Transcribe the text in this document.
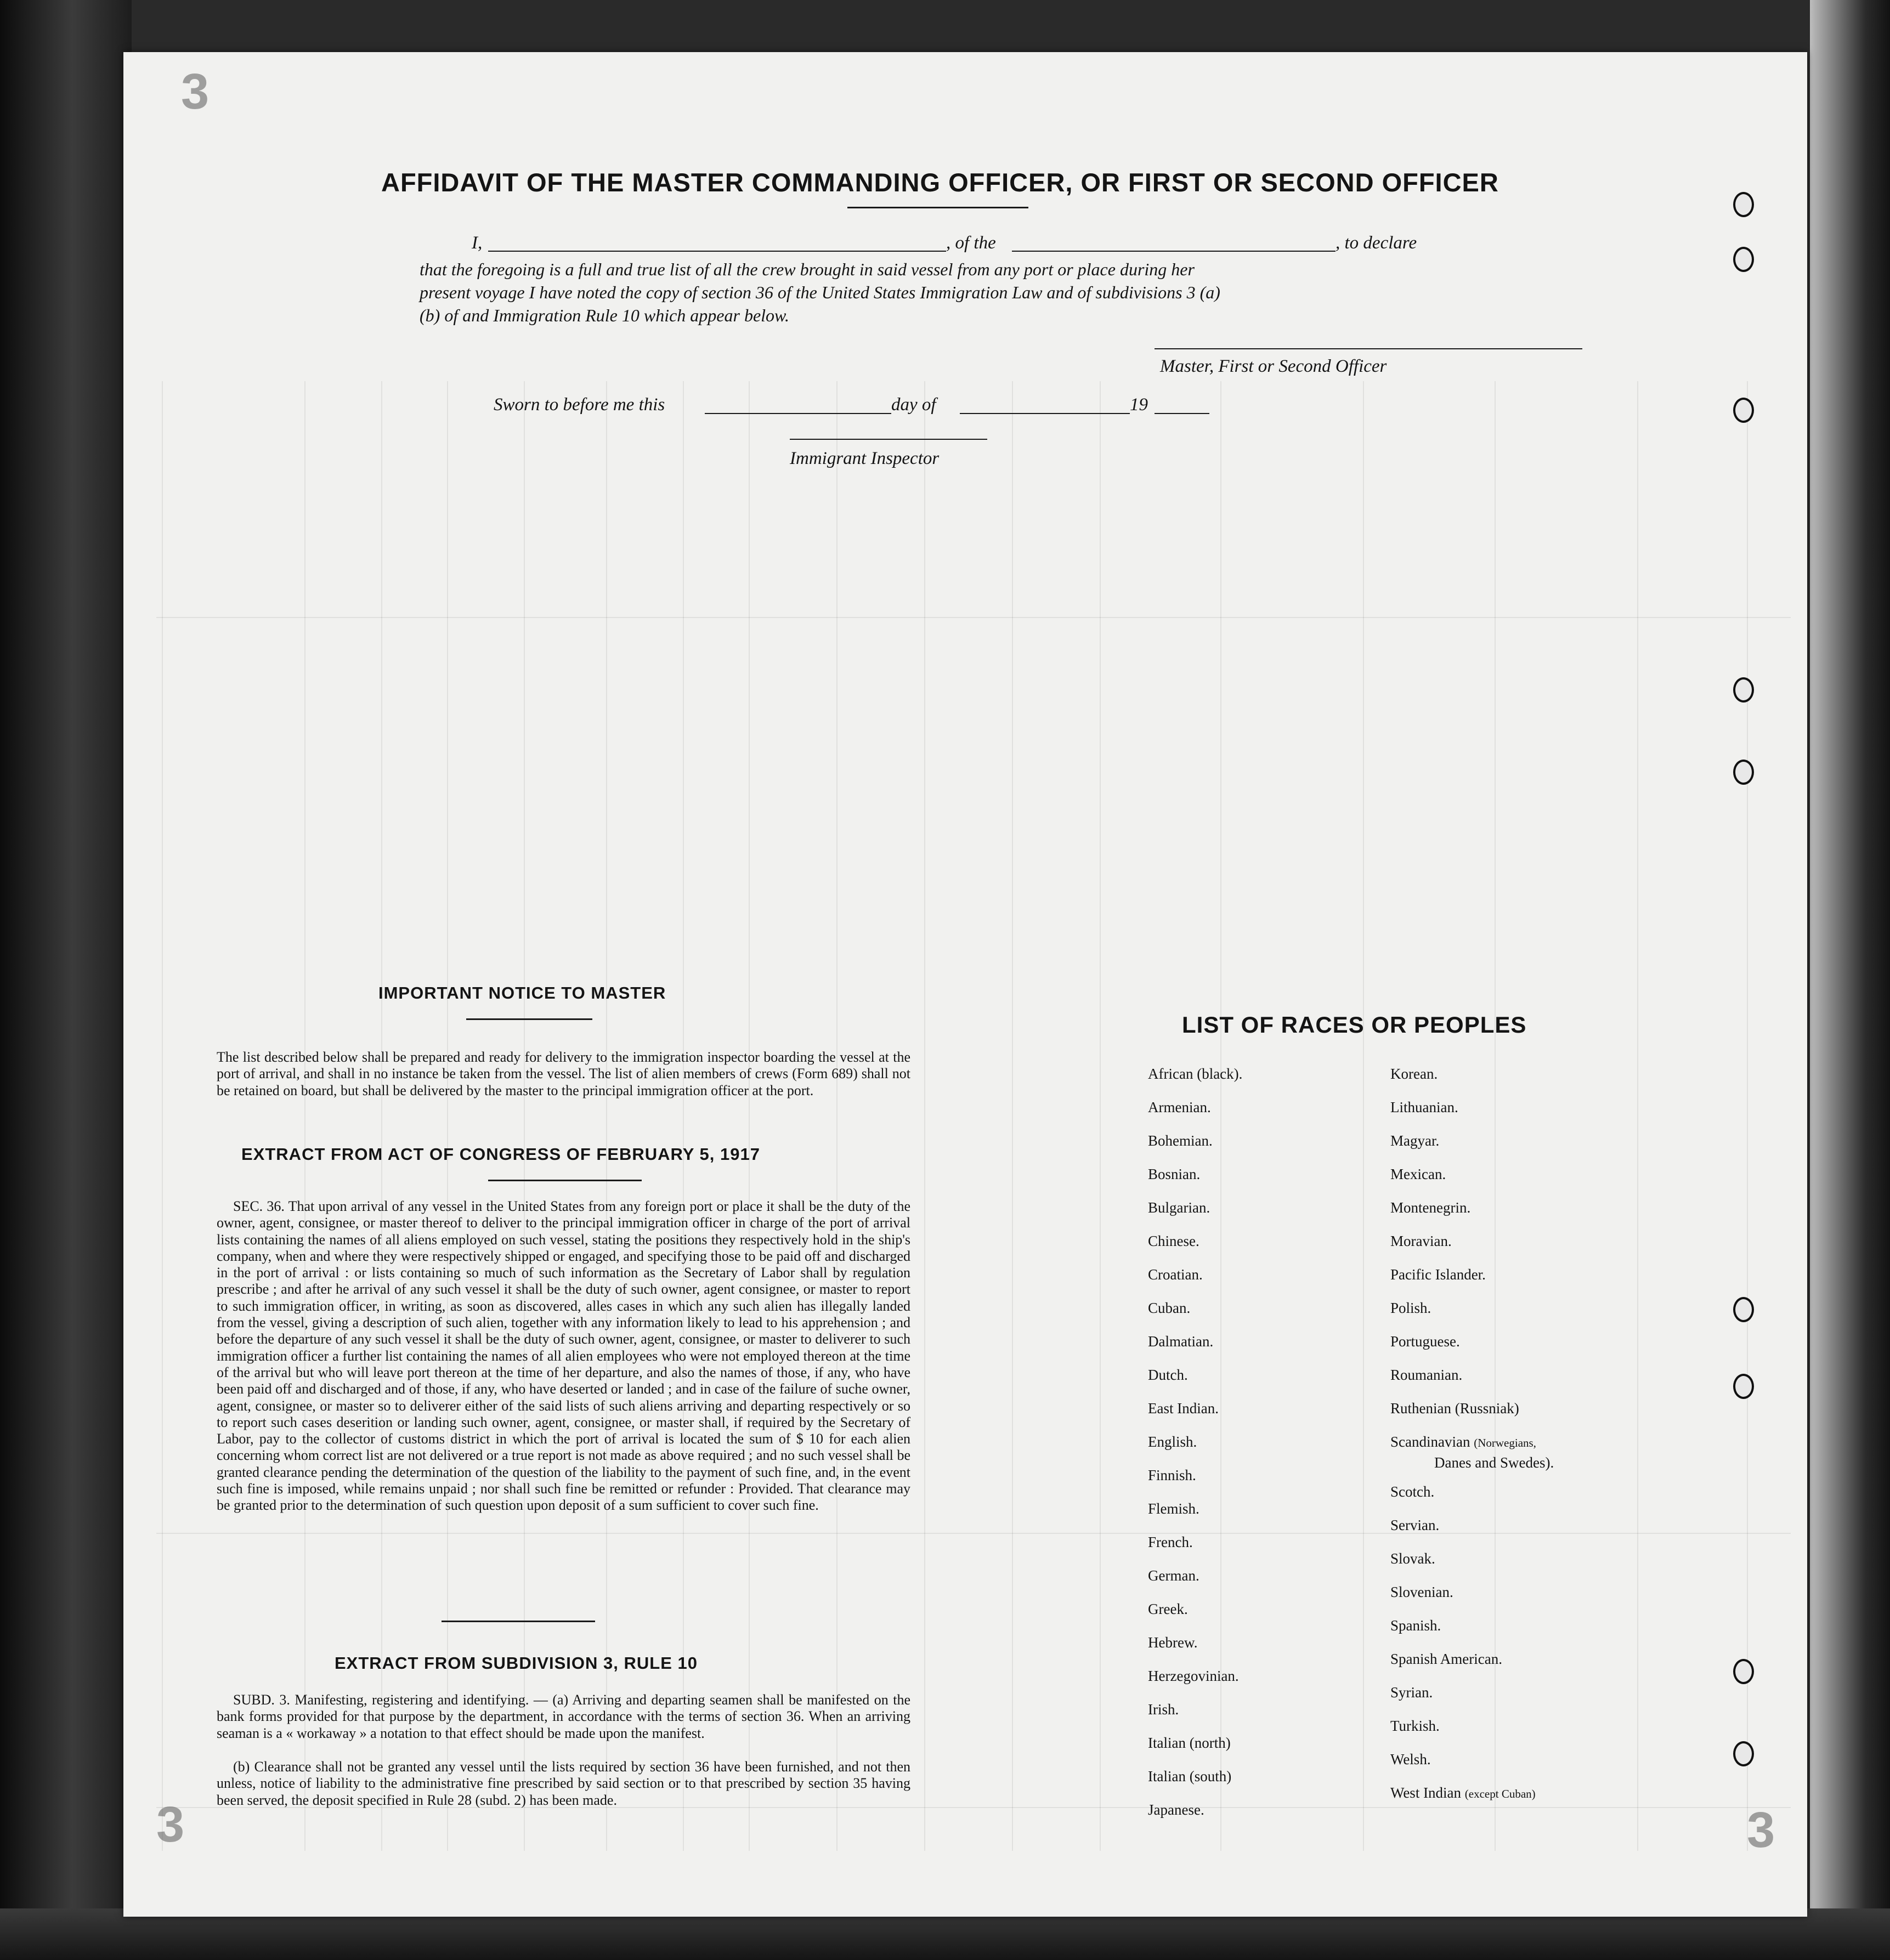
3
3	3
AFFIDAVIT OF THE MASTER COMMANDING OFFICER, OR FIRST OR SECOND OFFICER
I,	, of the	, to declare
that the foregoing is a full and true list of all the crew brought in said vessel from any port or place during her
present voyage I have noted the copy of section 36 of the United States Immigration Law and of subdivisions 3 (a)
(b) of and Immigration Rule 10 which appear below.
Master, First or Second Officer
Sworn to before me this	day of	19
Immigrant Inspector
IMPORTANT NOTICE TO MASTER
The list described below shall be prepared and ready for delivery to the immigration inspector boarding the vessel at the port of arrival, and shall in no instance be taken from the vessel. The list of alien members of crews (Form 689) shall not be retained on board, but shall be delivered by the master to the principal immigration officer at the port.
EXTRACT FROM ACT OF CONGRESS OF FEBRUARY 5, 1917
SEC. 36. That upon arrival of any vessel in the United States from any foreign port or place it shall be the duty of the owner, agent, consignee, or master thereof to deliver to the principal immigration officer in charge of the port of arrival lists containing the names of all aliens employed on such vessel, stating the positions they respectively hold in the ship's company, when and where they were respectively shipped or engaged, and specifying those to be paid off and discharged in the port of arrival : or lists containing so much of such information as the Secretary of Labor shall by regulation prescribe ; and after he arrival of any such vessel it shall be the duty of such owner, agent consignee, or master to report to such immigration officer, in writing, as soon as discovered, alles cases in which any such alien has illegally landed from the vessel, giving a description of such alien, together with any information likely to lead to his apprehension ; and before the departure of any such vessel it shall be the duty of such owner, agent, consignee, or master to deliverer to such immigration officer a further list containing the names of all alien employees who were not employed thereon at the time of the arrival but who will leave port thereon at the time of her departure, and also the names of those, if any, who have been paid off and discharged and of those, if any, who have deserted or landed ; and in case of the failure of suche owner, agent, consignee, or master so to deliverer either of the said lists of such aliens arriving and departing respectively or so to report such cases deserition or landing such owner, agent, consignee, or master shall, if required by the Secretary of Labor, pay to the collector of customs district in which the port of arrival is located the sum of $ 10 for each alien concerning whom correct list are not delivered or a true report is not made as above required ; and no such vessel shall be granted clearance pending the determination of the question of the liability to the payment of such fine, and, in the event such fine is imposed, while remains unpaid ; nor shall such fine be remitted or refunder : Provided. That clearance may be granted prior to the determination of such question upon deposit of a sum sufficient to cover such fine.
EXTRACT FROM SUBDIVISION 3, RULE 10
SUBD. 3. Manifesting, registering and identifying. — (a) Arriving and departing seamen shall be manifested on the bank forms provided for that purpose by the department, in accordance with the terms of section 36. When an arriving seaman is a « workaway » a notation to that effect should be made upon the manifest.
(b) Clearance shall not be granted any vessel until the lists required by section 36 have been furnished, and not then unless, notice of liability to the administrative fine prescribed by said section or to that prescribed by section 35 having been served, the deposit specified in Rule 28 (subd. 2) has been made.
LIST OF RACES OR PEOPLES
African (black).
Armenian.
Bohemian.
Bosnian.
Bulgarian.
Chinese.
Croatian.
Cuban.
Dalmatian.
Dutch.
East Indian.
English.
Finnish.
Flemish.
French.
German.
Greek.
Hebrew.
Herzegovinian.
Irish.
Italian (north)
Italian (south)
Japanese.
Korean.
Lithuanian.
Magyar.
Mexican.
Montenegrin.
Moravian.
Pacific Islander.
Polish.
Portuguese.
Roumanian.
Ruthenian (Russniak)
Scandinavian (Norwegians,
Danes and Swedes).
Scotch.
Servian.
Slovak.
Slovenian.
Spanish.
Spanish American.
Syrian.
Turkish.
Welsh.
West Indian (except Cuban)
